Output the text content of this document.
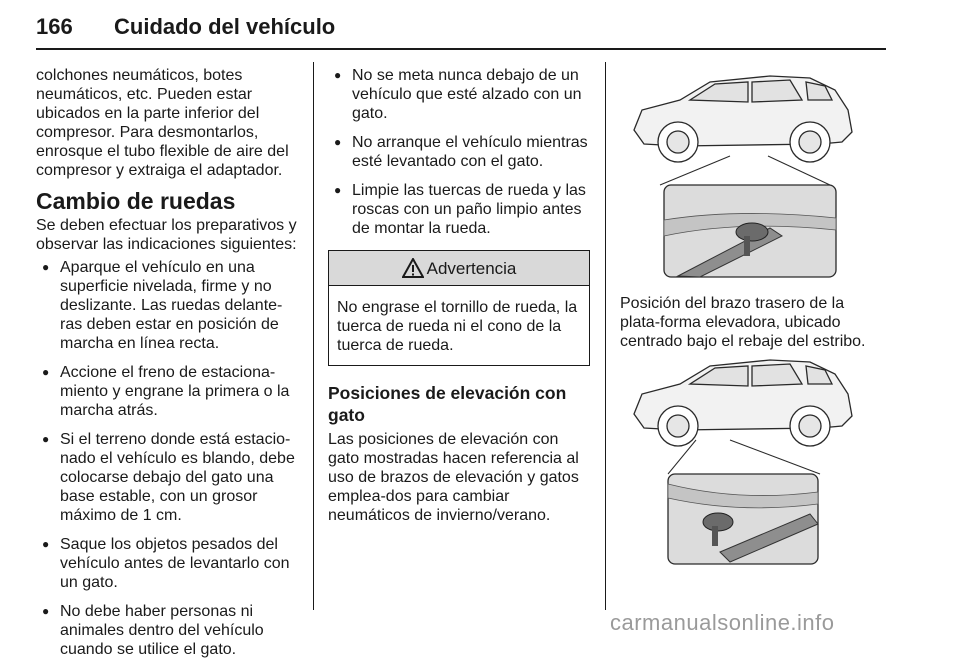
166 Cuidado del vehículo

colchones neumáticos, botes neumáticos, etc. Pueden estar ubicados en la parte inferior del compresor. Para desmontarlos, enrosque el tubo flexible de aire del compresor y extraiga el adaptador.

Cambio de ruedas

Se deben efectuar los preparativos y observar las indicaciones siguientes:

● Aparque el vehículo en una superficie nivelada, firme y no deslizante. Las ruedas delante-ras deben estar en posición de marcha en línea recta.
● Accione el freno de estaciona-miento y engrane la primera o la marcha atrás.
● Si el terreno donde está estacio-nado el vehículo es blando, debe colocarse debajo del gato una base estable, con un grosor máximo de 1 cm.
● Saque los objetos pesados del vehículo antes de levantarlo con un gato.
● No debe haber personas ni animales dentro del vehículo cuando se utilice el gato.
● No se meta nunca debajo de un vehículo que esté alzado con un gato.
● No arranque el vehículo mientras esté levantado con el gato.
● Limpie las tuercas de rueda y las roscas con un paño limpio antes de montar la rueda.
Advertencia
No engrase el tornillo de rueda, la tuerca de rueda ni el cono de la tuerca de rueda.
Posiciones de elevación con gato

Las posiciones de elevación con gato mostradas hacen referencia al uso de brazos de elevación y gatos emplea-dos para cambiar neumáticos de invierno/verano.

Posición del brazo trasero de la plata-forma elevadora, ubicado centrado bajo el rebaje del estribo.
carmanualsonline.info
